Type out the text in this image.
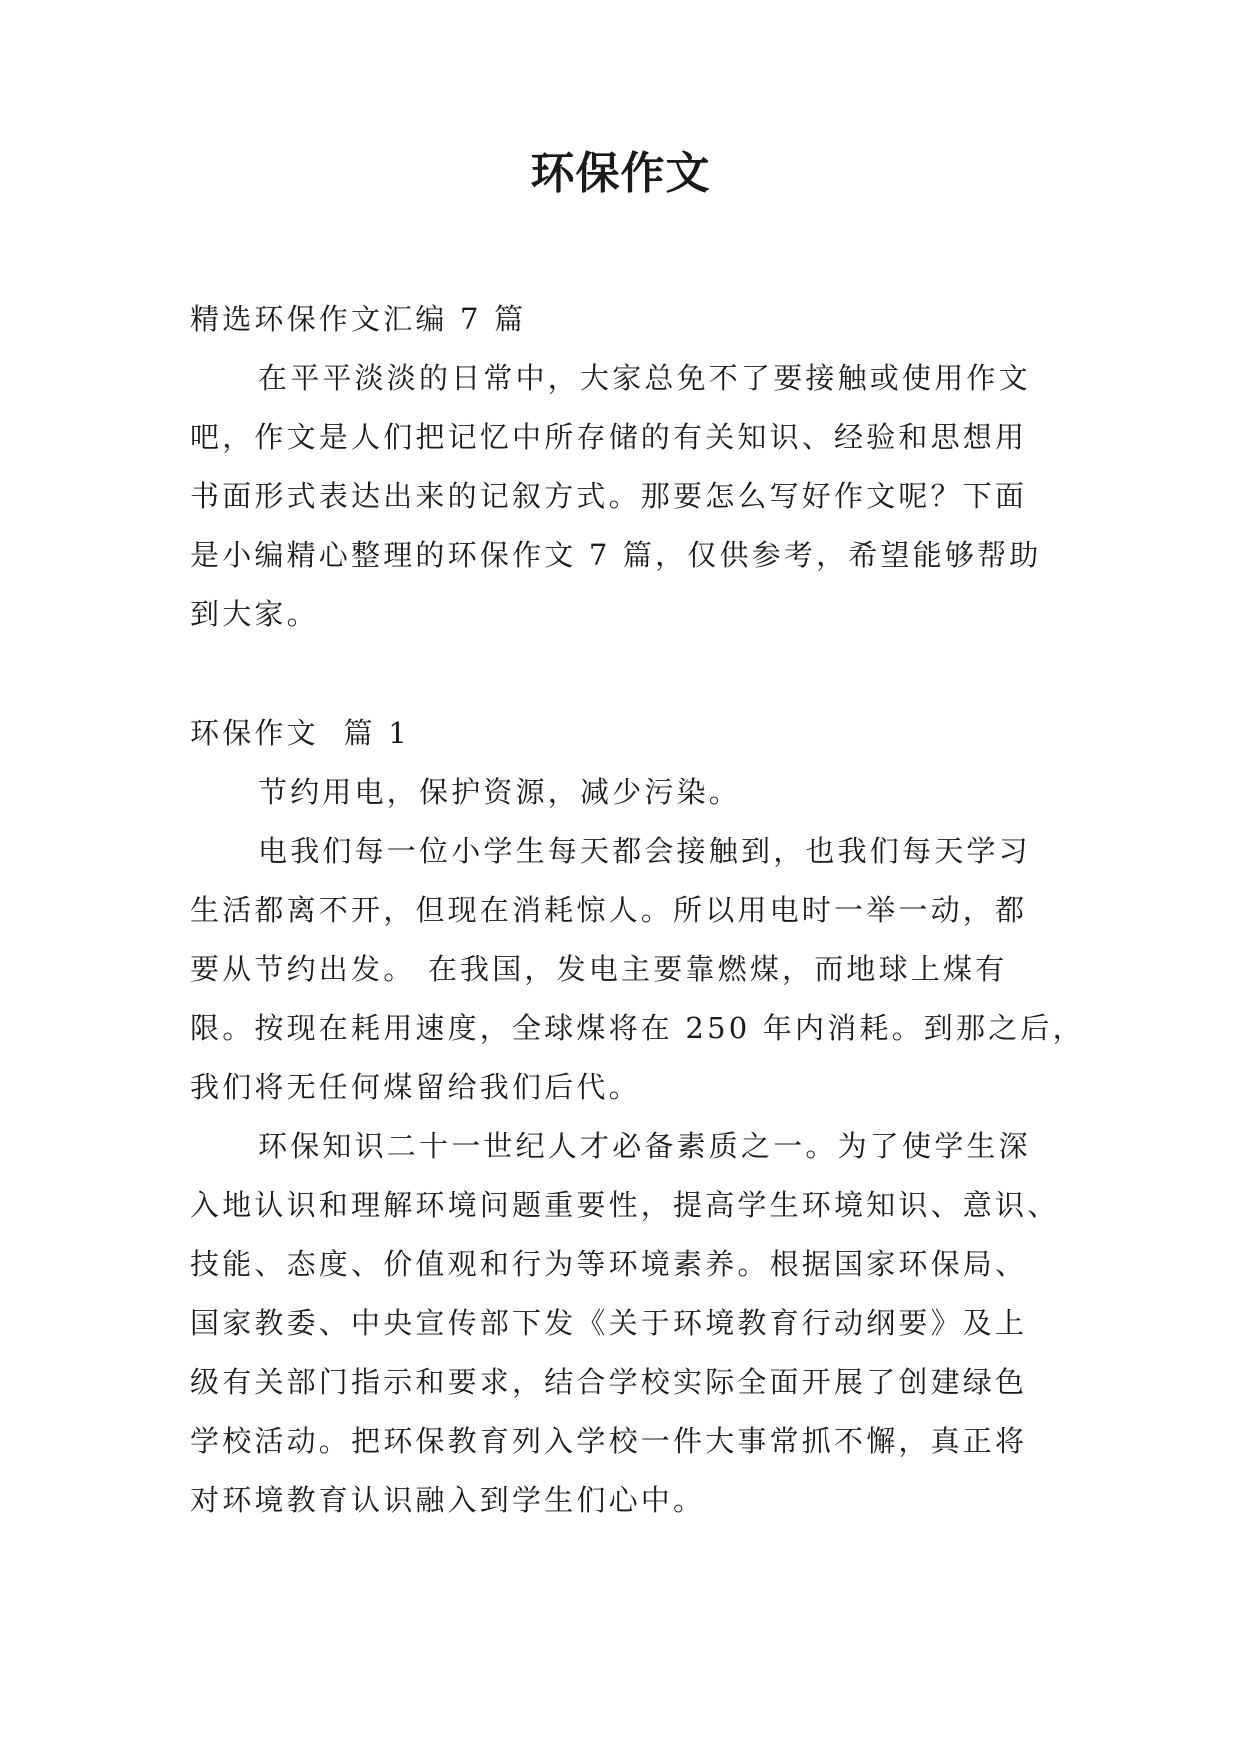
环保作文
精选环保作文汇编 7 篇
在平平淡淡的日常中，大家总免不了要接触或使用作文
吧，作文是人们把记忆中所存储的有关知识、经验和思想用
书面形式表达出来的记叙方式。那要怎么写好作文呢？下面
是小编精心整理的环保作文 7 篇，仅供参考，希望能够帮助
到大家。
环保作文  篇 1
节约用电，保护资源，减少污染。
电我们每一位小学生每天都会接触到，也我们每天学习
生活都离不开，但现在消耗惊人。所以用电时一举一动，都
要从节约出发。 在我国，发电主要靠燃煤，而地球上煤有
限。按现在耗用速度，全球煤将在 250 年内消耗。到那之后，
我们将无任何煤留给我们后代。
环保知识二十一世纪人才必备素质之一。为了使学生深
入地认识和理解环境问题重要性，提高学生环境知识、意识、
技能、态度、价值观和行为等环境素养。根据国家环保局、
国家教委、中央宣传部下发《关于环境教育行动纲要》及上
级有关部门指示和要求，结合学校实际全面开展了创建绿色
学校活动。把环保教育列入学校一件大事常抓不懈，真正将
对环境教育认识融入到学生们心中。
